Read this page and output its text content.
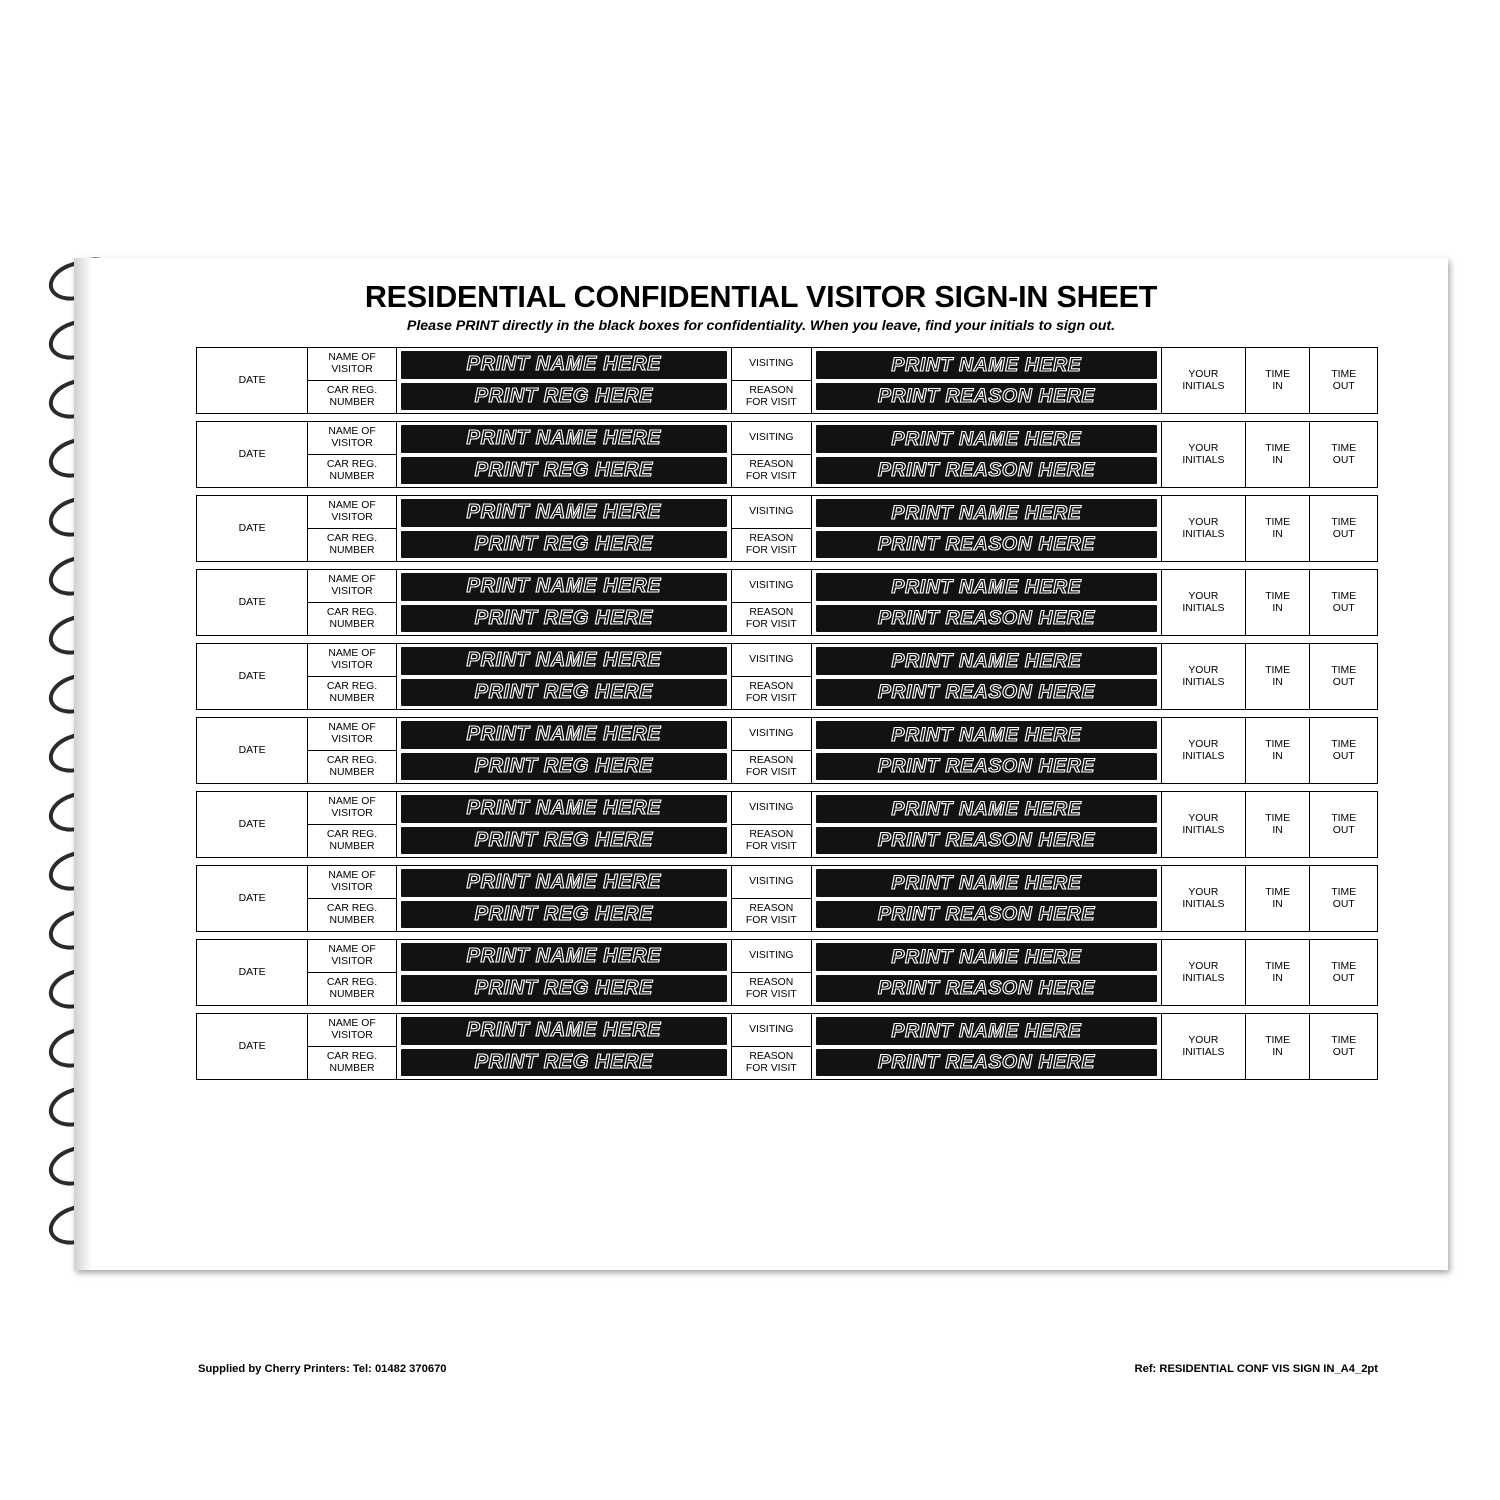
RESIDENTIAL CONFIDENTIAL VISITOR SIGN-IN SHEET
Please PRINT directly in the black boxes for confidentiality. When you leave, find your initials to sign out.
DATE
NAME OF
VISITOR
CAR REG.
NUMBER
PRINT NAME HERE
PRINT REG HERE
VISITING
REASON
FOR VISIT
PRINT NAME HERE
PRINT REASON HERE
YOUR
INITIALS
TIME
IN
TIME
OUT
DATE
NAME OF
VISITOR
CAR REG.
NUMBER
PRINT NAME HERE
PRINT REG HERE
VISITING
REASON
FOR VISIT
PRINT NAME HERE
PRINT REASON HERE
YOUR
INITIALS
TIME
IN
TIME
OUT
DATE
NAME OF
VISITOR
CAR REG.
NUMBER
PRINT NAME HERE
PRINT REG HERE
VISITING
REASON
FOR VISIT
PRINT NAME HERE
PRINT REASON HERE
YOUR
INITIALS
TIME
IN
TIME
OUT
DATE
NAME OF
VISITOR
CAR REG.
NUMBER
PRINT NAME HERE
PRINT REG HERE
VISITING
REASON
FOR VISIT
PRINT NAME HERE
PRINT REASON HERE
YOUR
INITIALS
TIME
IN
TIME
OUT
DATE
NAME OF
VISITOR
CAR REG.
NUMBER
PRINT NAME HERE
PRINT REG HERE
VISITING
REASON
FOR VISIT
PRINT NAME HERE
PRINT REASON HERE
YOUR
INITIALS
TIME
IN
TIME
OUT
DATE
NAME OF
VISITOR
CAR REG.
NUMBER
PRINT NAME HERE
PRINT REG HERE
VISITING
REASON
FOR VISIT
PRINT NAME HERE
PRINT REASON HERE
YOUR
INITIALS
TIME
IN
TIME
OUT
DATE
NAME OF
VISITOR
CAR REG.
NUMBER
PRINT NAME HERE
PRINT REG HERE
VISITING
REASON
FOR VISIT
PRINT NAME HERE
PRINT REASON HERE
YOUR
INITIALS
TIME
IN
TIME
OUT
DATE
NAME OF
VISITOR
CAR REG.
NUMBER
PRINT NAME HERE
PRINT REG HERE
VISITING
REASON
FOR VISIT
PRINT NAME HERE
PRINT REASON HERE
YOUR
INITIALS
TIME
IN
TIME
OUT
DATE
NAME OF
VISITOR
CAR REG.
NUMBER
PRINT NAME HERE
PRINT REG HERE
VISITING
REASON
FOR VISIT
PRINT NAME HERE
PRINT REASON HERE
YOUR
INITIALS
TIME
IN
TIME
OUT
DATE
NAME OF
VISITOR
CAR REG.
NUMBER
PRINT NAME HERE
PRINT REG HERE
VISITING
REASON
FOR VISIT
PRINT NAME HERE
PRINT REASON HERE
YOUR
INITIALS
TIME
IN
TIME
OUT
Supplied by Cherry Printers: Tel: 01482 370670	Ref: RESIDENTIAL CONF VIS SIGN IN_A4_2pt
